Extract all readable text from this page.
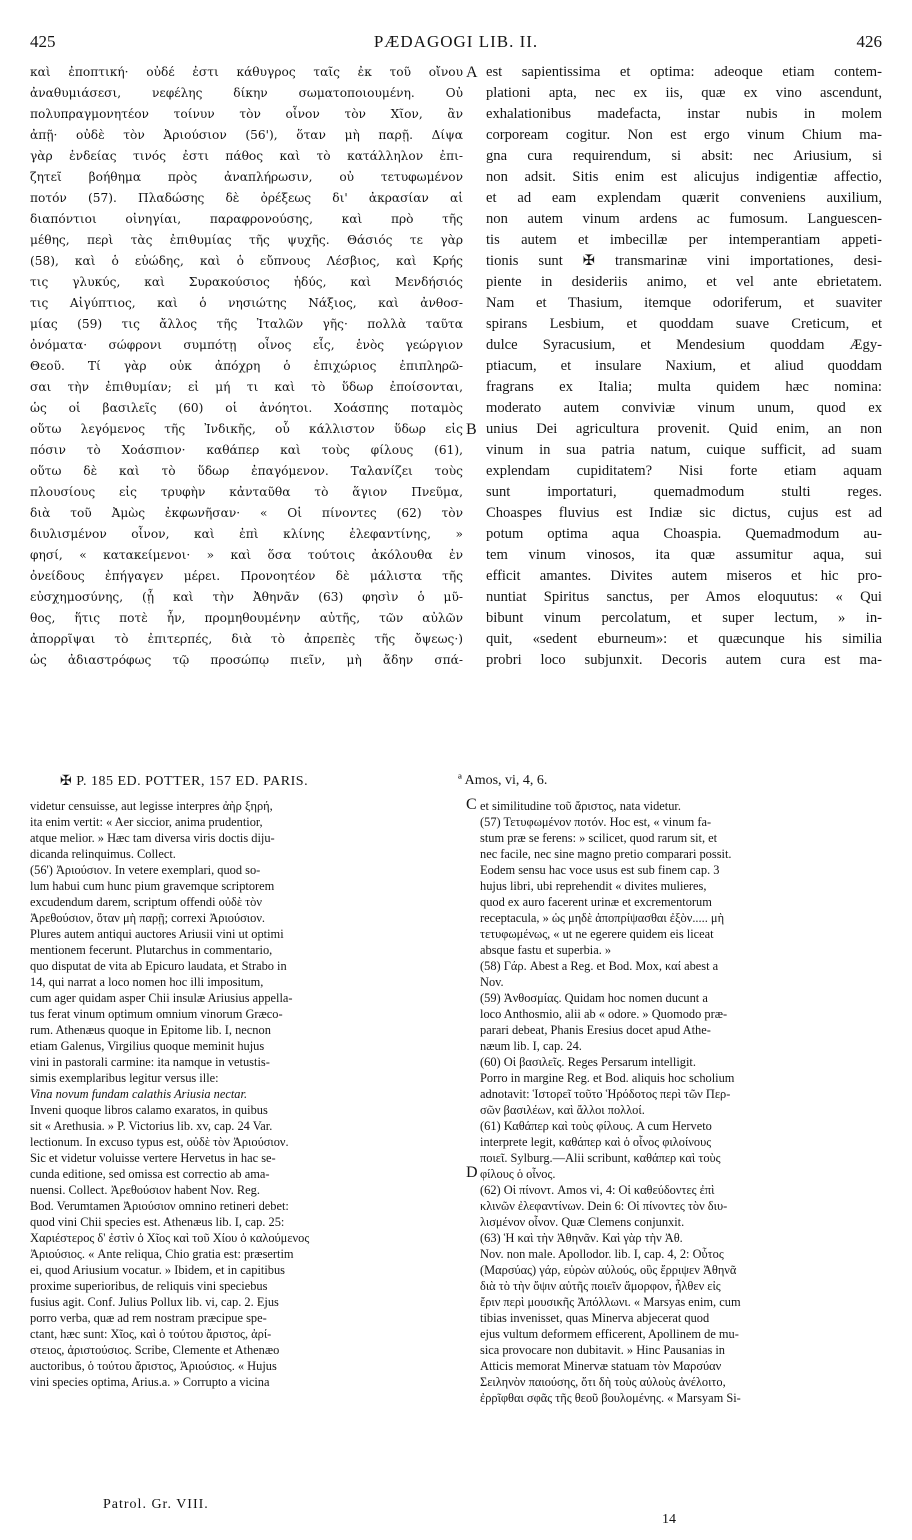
425	PÆDAGOGI LIB. II.	426
καὶ ἐποπτική· οὐδέ ἐστι κάθυγρος ταῖς ἐκ τοῦ οἴνου
ἀναθυμιάσεσι, νεφέλης δίκην σωματοποιουμένη. Οὐ
πολυπραγμονητέον τοίνυν τὸν οἶνον τὸν Χῖον, ἂν
ἀπῇ· οὐδὲ τὸν Ἀριούσιον (56'), ὅταν μὴ παρῇ. Δίψα
γὰρ ἐνδείας τινός ἐστι πάθος καὶ τὸ κατάλληλον ἐπι-
ζητεῖ βοήθημα πρὸς ἀναπλήρωσιν, οὐ τετυφωμένον
ποτόν (57). Πλαδώσης δὲ ὀρέξεως δι' ἀκρασίαν αἱ
διαπόντιοι οἰνηγίαι, παραφρονούσης, καὶ πρὸ τῆς
μέθης, περὶ τὰς ἐπιθυμίας τῆς ψυχῆς. Θάσιός τε γὰρ
(58), καὶ ὁ εὐώδης, καὶ ὁ εὔπνους Λέσβιος, καὶ Κρής
τις γλυκύς, καὶ Συρακούσιος ἡδύς, καὶ Μενδήσιός
τις Αἰγύπτιος, καὶ ὁ νησιώτης Νάξιος, καὶ ἀνθοσ-
μίας (59) τις ἄλλος τῆς Ἰταλῶν γῆς· πολλὰ ταῦτα
ὀνόματα· σώφρονι συμπότῃ οἶνος εἷς, ἑνὸς γεώργιον
Θεοῦ. Τί γὰρ οὐκ ἀπόχρη ὁ ἐπιχώριος ἐπιπληρῶ-
σαι τὴν ἐπιθυμίαν; εἰ μή τι καὶ τὸ ὕδωρ ἐποίσονται,
ὡς οἱ βασιλεῖς (60) οἱ ἀνόητοι. Χοάσπης ποταμὸς
οὕτω λεγόμενος τῆς Ἰνδικῆς, οὗ κάλλιστον ὕδωρ εἰς
πόσιν τὸ Χοάσπιον· καθάπερ καὶ τοὺς φίλους (61),
οὕτω δὲ καὶ τὸ ὕδωρ ἐπαγόμενον. Ταλανίζει τοὺς
πλουσίους εἰς τρυφὴν κἀνταῦθα τὸ ἅγιον Πνεῦμα,
διὰ τοῦ Ἀμὼς ἐκφωνῆσαν· « Οἱ πίνοντες (62) τὸν
διυλισμένον οἶνον, καὶ ἐπὶ κλίνης ἐλεφαντίνης, »
φησί, « κατακείμενοι· » καὶ ὅσα τούτοις ἀκόλουθα ἐν
ὀνείδους ἐπήγαγεν μέρει. Προνοητέον δὲ μάλιστα τῆς
εὐσχημοσύνης, (ᾗ καὶ τὴν Ἀθηνᾶν (63) φησὶν ὁ μῦ-
θος, ἥτις ποτὲ ἦν, προμηθουμένην αὐτῆς, τῶν αὐλῶν
ἀπορρῖψαι τὸ ἐπιτερπές, διὰ τὸ ἀπρεπὲς τῆς ὄψεως·)
ὡς ἀδιαστρόφως τῷ προσώπῳ πιεῖν, μὴ ἄδην σπά-
est sapientissima et optima: adeoque etiam contem-
plationi apta, nec ex iis, quæ ex vino ascendunt,
exhalationibus madefacta, instar nubis in molem
corpoream cogitur. Non est ergo vinum Chium ma-
gna cura requirendum, si absit: nec Ariusium, si
non adsit. Sitis enim est alicujus indigentiæ affectio,
et ad eam explendam quærit conveniens auxilium,
non autem vinum ardens ac fumosum. Languescen-
tis autem et imbecillæ per intemperantiam appeti-
tionis sunt ✠ transmarinæ vini importationes, desi-
piente in desideriis animo, et vel ante ebrietatem.
Nam et Thasium, itemque odoriferum, et suaviter
spirans Lesbium, et quoddam suave Creticum, et
dulce Syracusium, et Mendesium quoddam Ægy-
ptiacum, et insulare Naxium, et aliud quoddam
fragrans ex Italia; multa quidem hæc nomina:
moderato autem conviviæ vinum unum, quod ex
unius Dei agricultura provenit. Quid enim, an non
vinum in sua patria natum, cuique sufficit, ad suam
explendam cupiditatem? Nisi forte etiam aquam
sunt importaturi, quemadmodum stulti reges.
Choaspes fluvius est Indiæ sic dictus, cujus est ad
potum optima aqua Choaspia. Quemadmodum au-
tem vinum vinosos, ita quæ assumitur aqua, sui
efficit amantes. Divites autem miseros et hic pro-
nuntiat Spiritus sanctus, per Amos eloquutus: « Qui
bibunt vinum percolatum, et super lectum, » in-
quit, «sedent eburneum»: et quæcunque his similia
probri loco subjunxit. Decoris autem cura est ma-
A
B
C
D
✠ P. 185 ED. POTTER, 157 ED. PARIS.	ª Amos, vi, 4, 6.
videtur censuisse, aut legisse interpres ἀὴρ ξηρή,
ita enim vertit: « Aer siccior, anima prudentior,
atque melior. » Hæc tam diversa viris doctis diju-
dicanda relinquimus. Collect.
(56') Ἀριούσιον. In vetere exemplari, quod so-
lum habui cum hunc pium gravemque scriptorem
excudendum darem, scriptum offendi οὐδὲ τὸν
Ἀρεθούσιον, ὅταν μὴ παρῇ; correxi Ἀριούσιον.
Plures autem antiqui auctores Ariusii vini ut optimi
mentionem fecerunt. Plutarchus in commentario,
quo disputat de vita ab Epicuro laudata, et Strabo in
14, qui narrat a loco nomen hoc illi impositum,
cum ager quidam asper Chii insulæ Ariusius appella-
tus ferat vinum optimum omnium vinorum Græco-
rum. Athenæus quoque in Epitome lib. I, necnon
etiam Galenus, Virgilius quoque meminit hujus
vini in pastorali carmine: ita namque in vetustis-
simis exemplaribus legitur versus ille:
Vina novum fundam calathis Ariusia nectar.
Inveni quoque libros calamo exaratos, in quibus
sit « Arethusia. » P. Victorius lib. xv, cap. 24 Var.
lectionum. In excuso typus est, οὐδὲ τὸν Ἀριούσιον.
Sic et videtur voluisse vertere Hervetus in hac se-
cunda editione, sed omissa est correctio ab ama-
nuensi. Collect. Ἀρεθούσιον habent Nov. Reg.
Bod. Verumtamen Ἀριούσιον omnino retineri debet:
quod vini Chii species est. Athenæus lib. I, cap. 25:
Χαριέστερος δ' ἐστὶν ὁ Χῖος καὶ τοῦ Χίου ὁ καλούμενος
Ἀριούσιος. « Ante reliqua, Chio gratia est: præsertim
ei, quod Ariusium vocatur. » Ibidem, et in capitibus
proxime superioribus, de reliquis vini speciebus
fusius agit. Conf. Julius Pollux lib. vi, cap. 2. Ejus
porro verba, quæ ad rem nostram præcipue spe-
ctant, hæc sunt: Χῖος, καὶ ὁ τούτου ἄριστος, ἀρί-
στειος, ἀριστούσιος. Scribe, Clemente et Athenæo
auctoribus, ὁ τούτου ἄριστος, Ἀριούσιος. « Hujus
vini species optima, Arius.a. » Corrupto a vicina
et similitudine τοῦ ἄριστος, nata videtur.
(57) Τετυφωμένον ποτόν. Hoc est, « vinum fa-
stum præ se ferens: » scilicet, quod rarum sit, et
nec facile, nec sine magno pretio comparari possit.
Eodem sensu hac voce usus est sub finem cap. 3
hujus libri, ubi reprehendit « divites mulieres,
quod ex auro facerent urinæ et excrementorum
receptacula, » ὡς μηδὲ ἀποπρίψασθαι ἐξὸν..... μὴ
τετυφωμένως, « ut ne egerere quidem eis liceat
absque fastu et superbia. »
(58) Γάρ. Abest a Reg. et Bod. Mox, καί abest a
Nov.
(59) Ἀνθοσμίας. Quidam hoc nomen ducunt a
loco Anthosmio, alii ab « odore. » Quomodo præ-
parari debeat, Phanis Eresius docet apud Athe-
næum lib. I, cap. 24.
(60) Οἱ βασιλεῖς. Reges Persarum intelligit.
Porro in margine Reg. et Bod. aliquis hoc scholium
adnotavit: Ἱστορεῖ τοῦτο Ἡρόδοτος περὶ τῶν Περ-
σῶν βασιλέων, καὶ ἄλλοι πολλοί.
(61) Καθάπερ καὶ τοὺς φίλους. A cum Herveto
interprete legit, καθάπερ καὶ ὁ οἶνος φιλοίνους
ποιεῖ. Sylburg.—Alii scribunt, καθάπερ καὶ τοὺς
φίλους ὁ οἶνος.
(62) Οἱ πίνοντ. Amos vi, 4: Οἱ καθεύδοντες ἐπὶ
κλινῶν ἐλεφαντίνων. Dein 6: Οἱ πίνοντες τὸν διυ-
λισμένον οἶνον. Quæ Clemens conjunxit.
(63) Ἡ καὶ τὴν Ἀθηνᾶν. Καὶ γὰρ τὴν Ἀθ.
Nov. non male. Apollodor. lib. I, cap. 4, 2: Οὗτος
(Μαρσύας) γάρ, εὑρὼν αὐλούς, οὓς ἔρριψεν Ἀθηνᾶ
διὰ τὸ τὴν ὄψιν αὐτῆς ποιεῖν ἄμορφον, ἦλθεν εἰς
ἔριν περὶ μουσικῆς Ἀπόλλωνι. « Marsyas enim, cum
tibias invenisset, quas Minerva abjecerat quod
ejus vultum deformem efficerent, Apollinem de mu-
sica provocare non dubitavit. » Hinc Pausanias in
Atticis memorat Minervæ statuam τὸν Μαρσύαν
Σειληνὸν παιούσης, ὅτι δὴ τοὺς αὐλοὺς ἀνέλοιτο,
ἐρρῖφθαι σφᾶς τῆς θεοῦ βουλομένης. « Marsyam Si-
Patrol. Gr. VIII.
14
